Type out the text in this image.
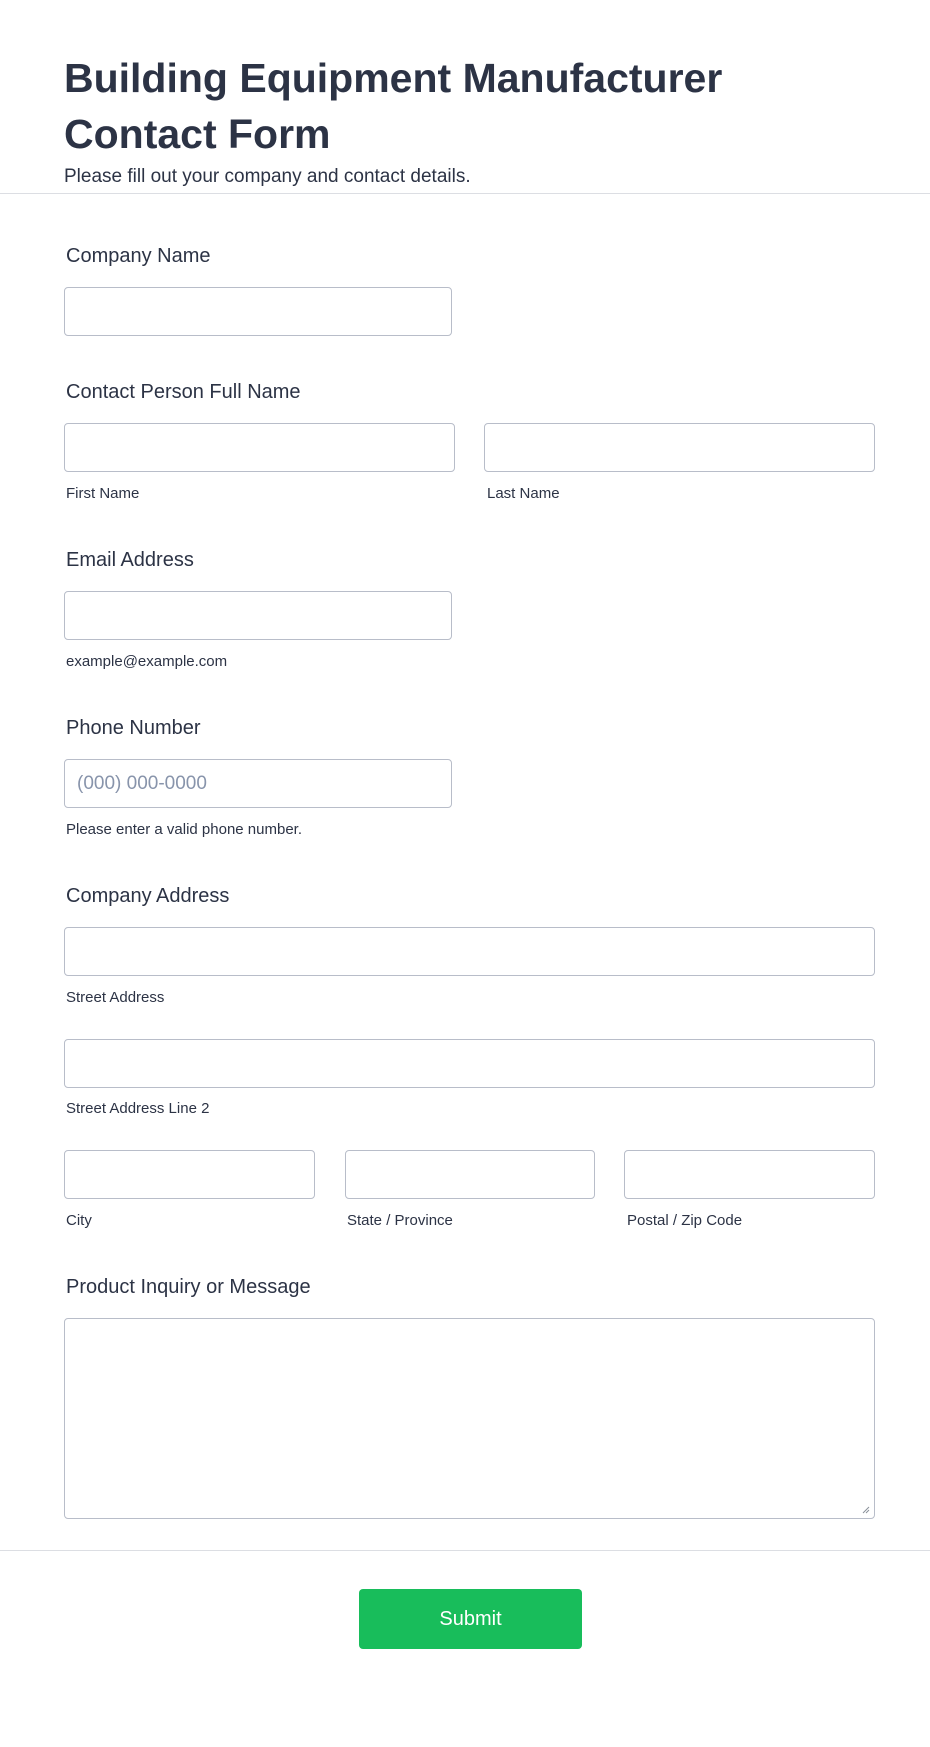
Building Equipment Manufacturer Contact Form
Please fill out your company and contact details.
Company Name
Contact Person Full Name
First Name	Last Name
Email Address
example@example.com
Phone Number
(000) 000-0000
Please enter a valid phone number.
Company Address
Street Address
Street Address Line 2
City	State / Province	Postal / Zip Code
Product Inquiry or Message
Submit
